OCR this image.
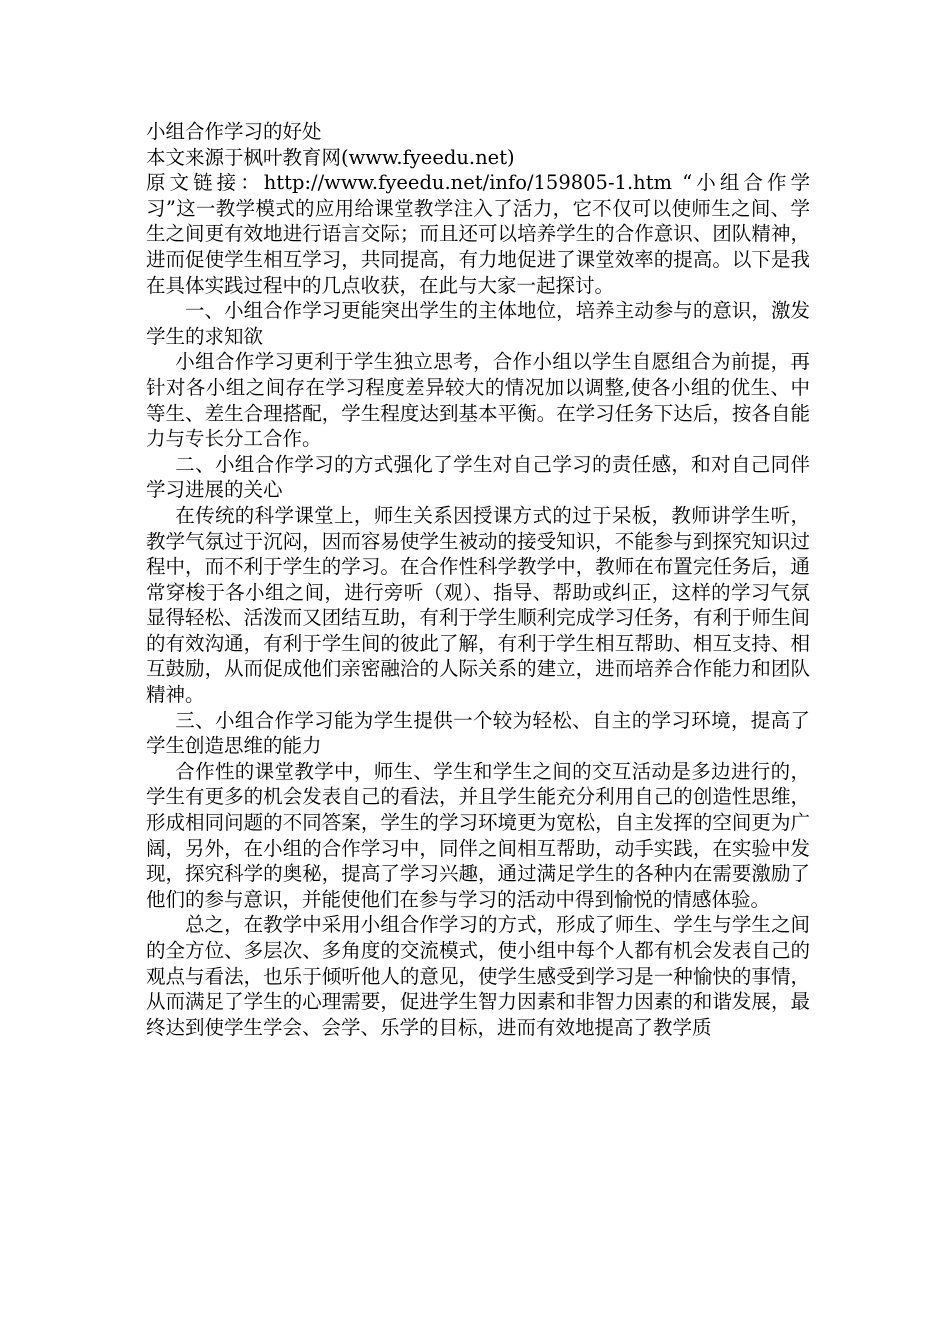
小组合作学习的好处

本文来源于枫叶教育网(www.fyeedu.net)

原文链接：http://www.fyeedu.net/info/159805-1.htm “小组合作学习”这一教学模式的应用给课堂教学注入了活力，它不仅可以使师生之间、学生之间更有效地进行语言交际；而且还可以培养学生的合作意识、团队精神，进而促使学生相互学习，共同提高，有力地促进了课堂效率的提高。以下是我在具体实践过程中的几点收获，在此与大家一起探讨。

一、小组合作学习更能突出学生的主体地位，培养主动参与的意识，激发学生的求知欲

小组合作学习更利于学生独立思考，合作小组以学生自愿组合为前提，再针对各小组之间存在学习程度差异较大的情况加以调整,使各小组的优生、中等生、差生合理搭配，学生程度达到基本平衡。在学习任务下达后，按各自能力与专长分工合作。

二、小组合作学习的方式强化了学生对自己学习的责任感，和对自己同伴学习进展的关心

在传统的科学课堂上，师生关系因授课方式的过于呆板，教师讲学生听，教学气氛过于沉闷，因而容易使学生被动的接受知识，不能参与到探究知识过程中，而不利于学生的学习。在合作性科学教学中，教师在布置完任务后，通常穿梭于各小组之间，进行旁听（观）、指导、帮助或纠正，这样的学习气氛显得轻松、活泼而又团结互助，有利于学生顺利完成学习任务，有利于师生间的有效沟通，有利于学生间的彼此了解，有利于学生相互帮助、相互支持、相互鼓励，从而促成他们亲密融洽的人际关系的建立，进而培养合作能力和团队精神。

三、小组合作学习能为学生提供一个较为轻松、自主的学习环境，提高了学生创造思维的能力

合作性的课堂教学中，师生、学生和学生之间的交互活动是多边进行的，学生有更多的机会发表自己的看法，并且学生能充分利用自己的创造性思维，形成相同问题的不同答案，学生的学习环境更为宽松，自主发挥的空间更为广阔，另外，在小组的合作学习中，同伴之间相互帮助，动手实践，在实验中发现，探究科学的奥秘，提高了学习兴趣，通过满足学生的各种内在需要激励了他们的参与意识，并能使他们在参与学习的活动中得到愉悦的情感体验。

总之，在教学中采用小组合作学习的方式，形成了师生、学生与学生之间的全方位、多层次、多角度的交流模式，使小组中每个人都有机会发表自己的观点与看法，也乐于倾听他人的意见，使学生感受到学习是一种愉快的事情，从而满足了学生的心理需要，促进学生智力因素和非智力因素的和谐发展，最终达到使学生学会、会学、乐学的目标，进而有效地提高了教学质
